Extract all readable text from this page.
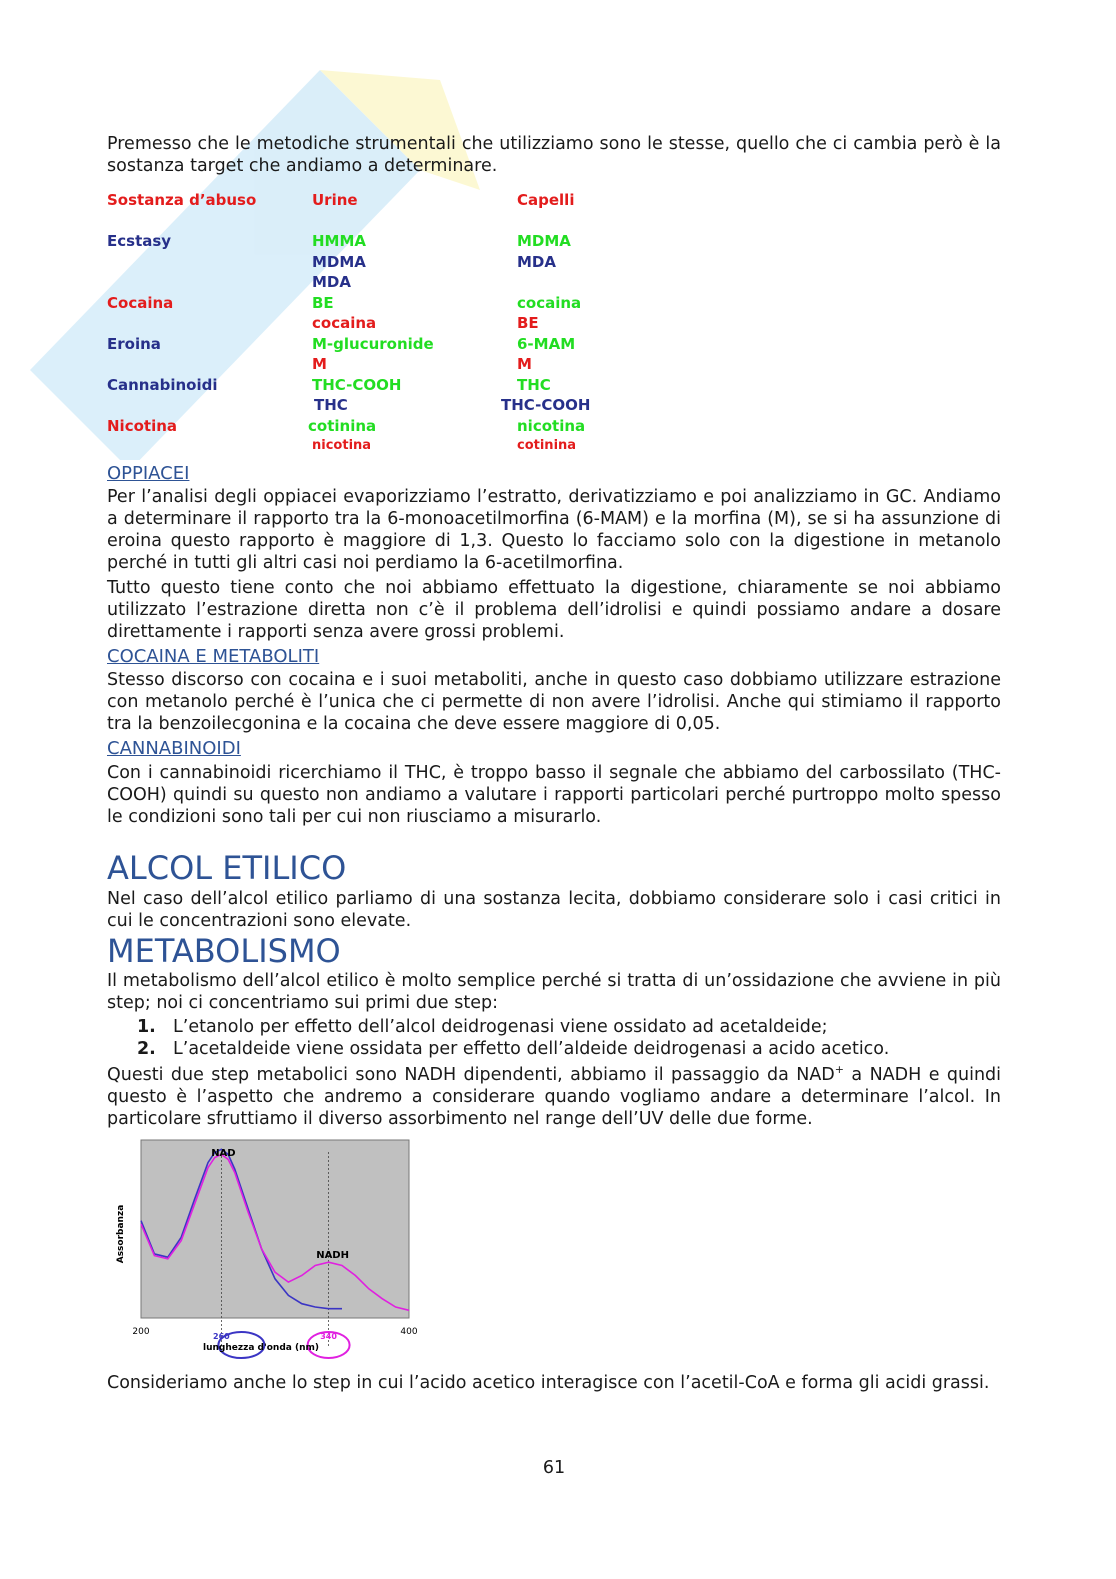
Premesso che le metodiche strumentali che utilizziamo sono le stesse, quello che ci cambia però è la sostanza target che andiamo a determinare.

Sostanza d’abuso	Urine	Capelli

Ecstasy	HMMA	MDMA
	MDMA	MDA
	MDA	
Cocaina	BE	cocaina
	cocaina	BE
Eroina	M-glucuronide	6-MAM
	M	M
Cannabinoidi	THC-COOH	THC
	THC	THC-COOH
Nicotina	cotinina	nicotina
	nicotina	cotinina
OPPIACEI

Per l’analisi degli oppiacei evaporizziamo l’estratto, derivatizziamo e poi analizziamo in GC. Andiamo a determinare il rapporto tra la 6-monoacetilmorfina (6-MAM) e la morfina (M), se si ha assunzione di eroina questo rapporto è maggiore di 1,3. Questo lo facciamo solo con la digestione in metanolo perché in tutti gli altri casi noi perdiamo la 6-acetilmorfina.

Tutto questo tiene conto che noi abbiamo effettuato la digestione, chiaramente se noi abbiamo utilizzato l’estrazione diretta non c’è il problema dell’idrolisi e quindi possiamo andare a dosare direttamente i rapporti senza avere grossi problemi.

COCAINA E METABOLITI

Stesso discorso con cocaina e i suoi metaboliti, anche in questo caso dobbiamo utilizzare estrazione con metanolo perché è l’unica che ci permette di non avere l’idrolisi. Anche qui stimiamo il rapporto tra la benzoilecgonina e la cocaina che deve essere maggiore di 0,05.

CANNABINOIDI

Con i cannabinoidi ricerchiamo il THC, è troppo basso il segnale che abbiamo del carbossilato (THC-COOH) quindi su questo non andiamo a valutare i rapporti particolari perché purtroppo molto spesso le condizioni sono tali per cui non riusciamo a misurarlo.

ALCOL ETILICO

Nel caso dell’alcol etilico parliamo di una sostanza lecita, dobbiamo considerare solo i casi critici in cui le concentrazioni sono elevate.

METABOLISMO

Il metabolismo dell’alcol etilico è molto semplice perché si tratta di un’ossidazione che avviene in più step; noi ci concentriamo sui primi due step:

1. L’etanolo per effetto dell’alcol deidrogenasi viene ossidato ad acetaldeide;
2. L’acetaldeide viene ossidata per effetto dell’aldeide deidrogenasi a acido acetico.

Questi due step metabolici sono NADH dipendenti, abbiamo il passaggio da NAD+ a NADH e quindi questo è l’aspetto che andremo a considerare quando vogliamo andare a determinare l’alcol. In particolare sfruttiamo il diverso assorbimento nel range dell’UV delle due forme.

NAD
NADH
Assorbanza
200	400
260	340
lunghezza d'onda (nm)

Consideriamo anche lo step in cui l’acido acetico interagisce con l’acetil-CoA e forma gli acidi grassi.

61
